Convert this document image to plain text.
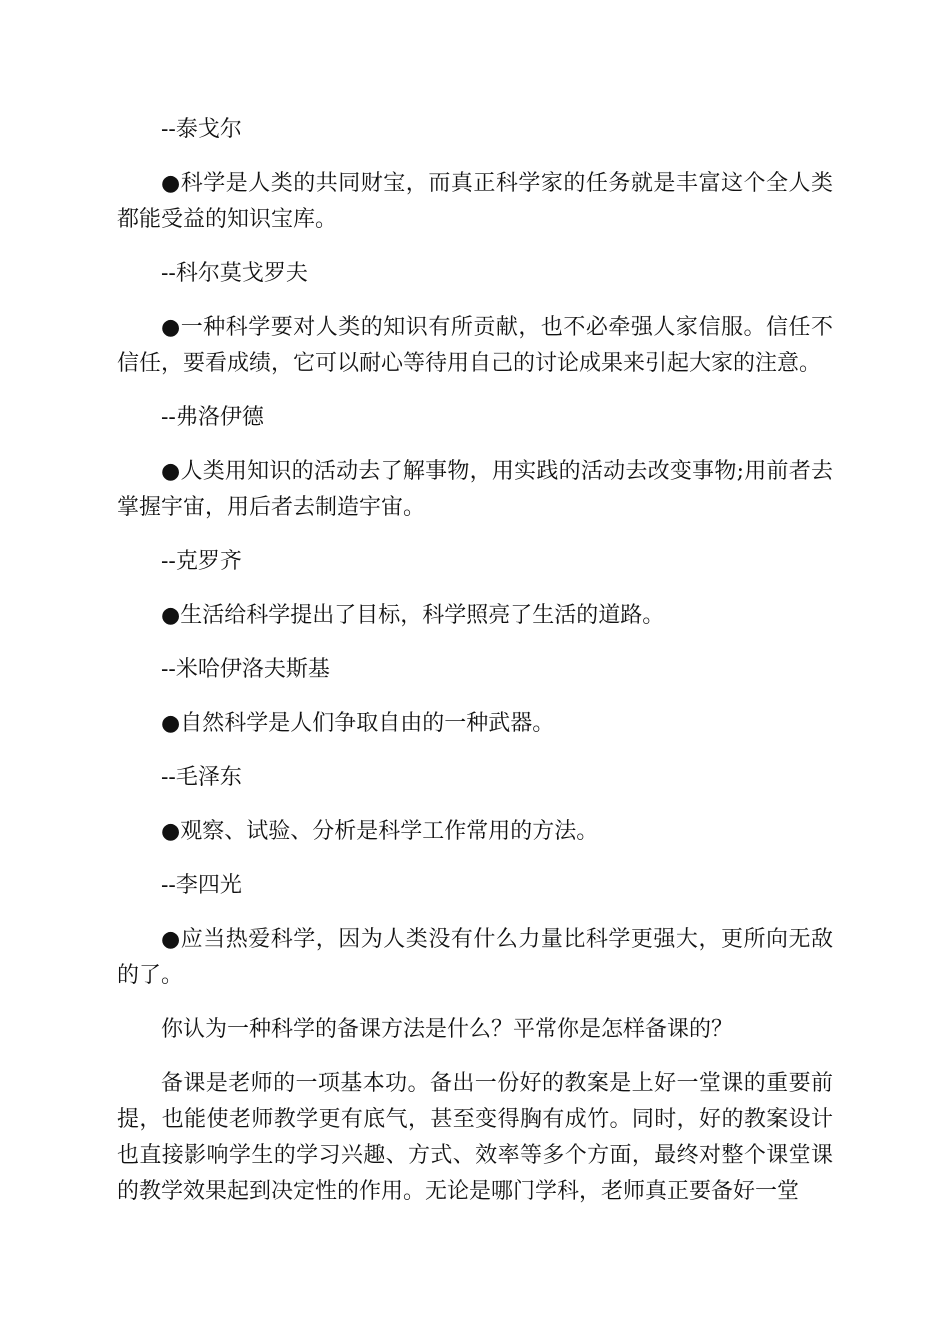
--泰戈尔

●科学是人类的共同财宝，而真正科学家的任务就是丰富这个全人类都能受益的知识宝库。

--科尔莫戈罗夫

●一种科学要对人类的知识有所贡献，也不必牵强人家信服。信任不信任，要看成绩，它可以耐心等待用自己的讨论成果来引起大家的注意。

--弗洛伊德

●人类用知识的活动去了解事物，用实践的活动去改变事物;用前者去掌握宇宙，用后者去制造宇宙。

--克罗齐

●生活给科学提出了目标，科学照亮了生活的道路。

--米哈伊洛夫斯基

●自然科学是人们争取自由的一种武器。

--毛泽东

●观察、试验、分析是科学工作常用的方法。

--李四光

●应当热爱科学，因为人类没有什么力量比科学更强大，更所向无敌的了。

你认为一种科学的备课方法是什么？平常你是怎样备课的？

备课是老师的一项基本功。备出一份好的教案是上好一堂课的重要前提，也能使老师教学更有底气，甚至变得胸有成竹。同时，好的教案设计也直接影响学生的学习兴趣、方式、效率等多个方面，最终对整个课堂课的教学效果起到决定性的作用。无论是哪门学科，老师真正要备好一堂
